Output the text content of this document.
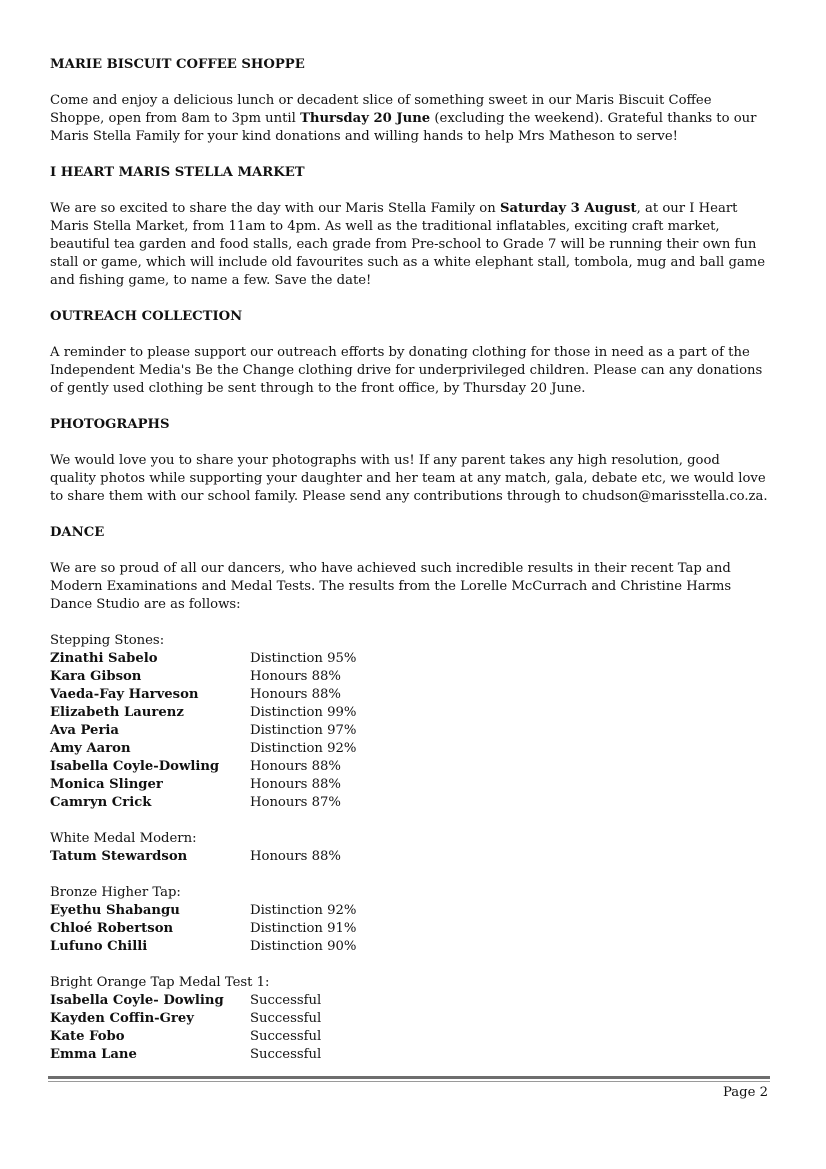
MARIE BISCUIT COFFEE SHOPPE

Come and enjoy a delicious lunch or decadent slice of something sweet in our Maris Biscuit Coffee Shoppe, open from 8am to 3pm until Thursday 20 June (excluding the weekend). Grateful thanks to our Maris Stella Family for your kind donations and willing hands to help Mrs Matheson to serve!

I HEART MARIS STELLA MARKET

We are so excited to share the day with our Maris Stella Family on Saturday 3 August, at our I Heart Maris Stella Market, from 11am to 4pm. As well as the traditional inflatables, exciting craft market, beautiful tea garden and food stalls, each grade from Pre-school to Grade 7 will be running their own fun stall or game, which will include old favourites such as a white elephant stall, tombola, mug and ball game and fishing game, to name a few. Save the date!

OUTREACH COLLECTION

A reminder to please support our outreach efforts by donating clothing for those in need as a part of the Independent Media's Be the Change clothing drive for underprivileged children. Please can any donations of gently used clothing be sent through to the front office, by Thursday 20 June.

PHOTOGRAPHS

We would love you to share your photographs with us! If any parent takes any high resolution, good quality photos while supporting your daughter and her team at any match, gala, debate etc, we would love to share them with our school family. Please send any contributions through to chudson@marisstella.co.za.

DANCE

We are so proud of all our dancers, who have achieved such incredible results in their recent Tap and Modern Examinations and Medal Tests. The results from the Lorelle McCurrach and Christine Harms Dance Studio are as follows:

Stepping Stones:
Zinathi Sabelo	Distinction 95%
Kara Gibson	Honours 88%
Vaeda-Fay Harveson	Honours 88%
Elizabeth Laurenz	Distinction 99%
Ava Peria	Distinction 97%
Amy Aaron	Distinction 92%
Isabella Coyle-Dowling	Honours 88%
Monica Slinger	Honours 88%
Camryn Crick	Honours 87%
White Medal Modern:
Tatum Stewardson	Honours 88%
Bronze Higher Tap:
Eyethu Shabangu	Distinction 92%
Chloé Robertson	Distinction 91%
Lufuno Chilli	Distinction 90%
Bright Orange Tap Medal Test 1:
Isabella Coyle- Dowling	Successful
Kayden Coffin-Grey	Successful
Kate Fobo	Successful
Emma Lane	Successful
Page 2
